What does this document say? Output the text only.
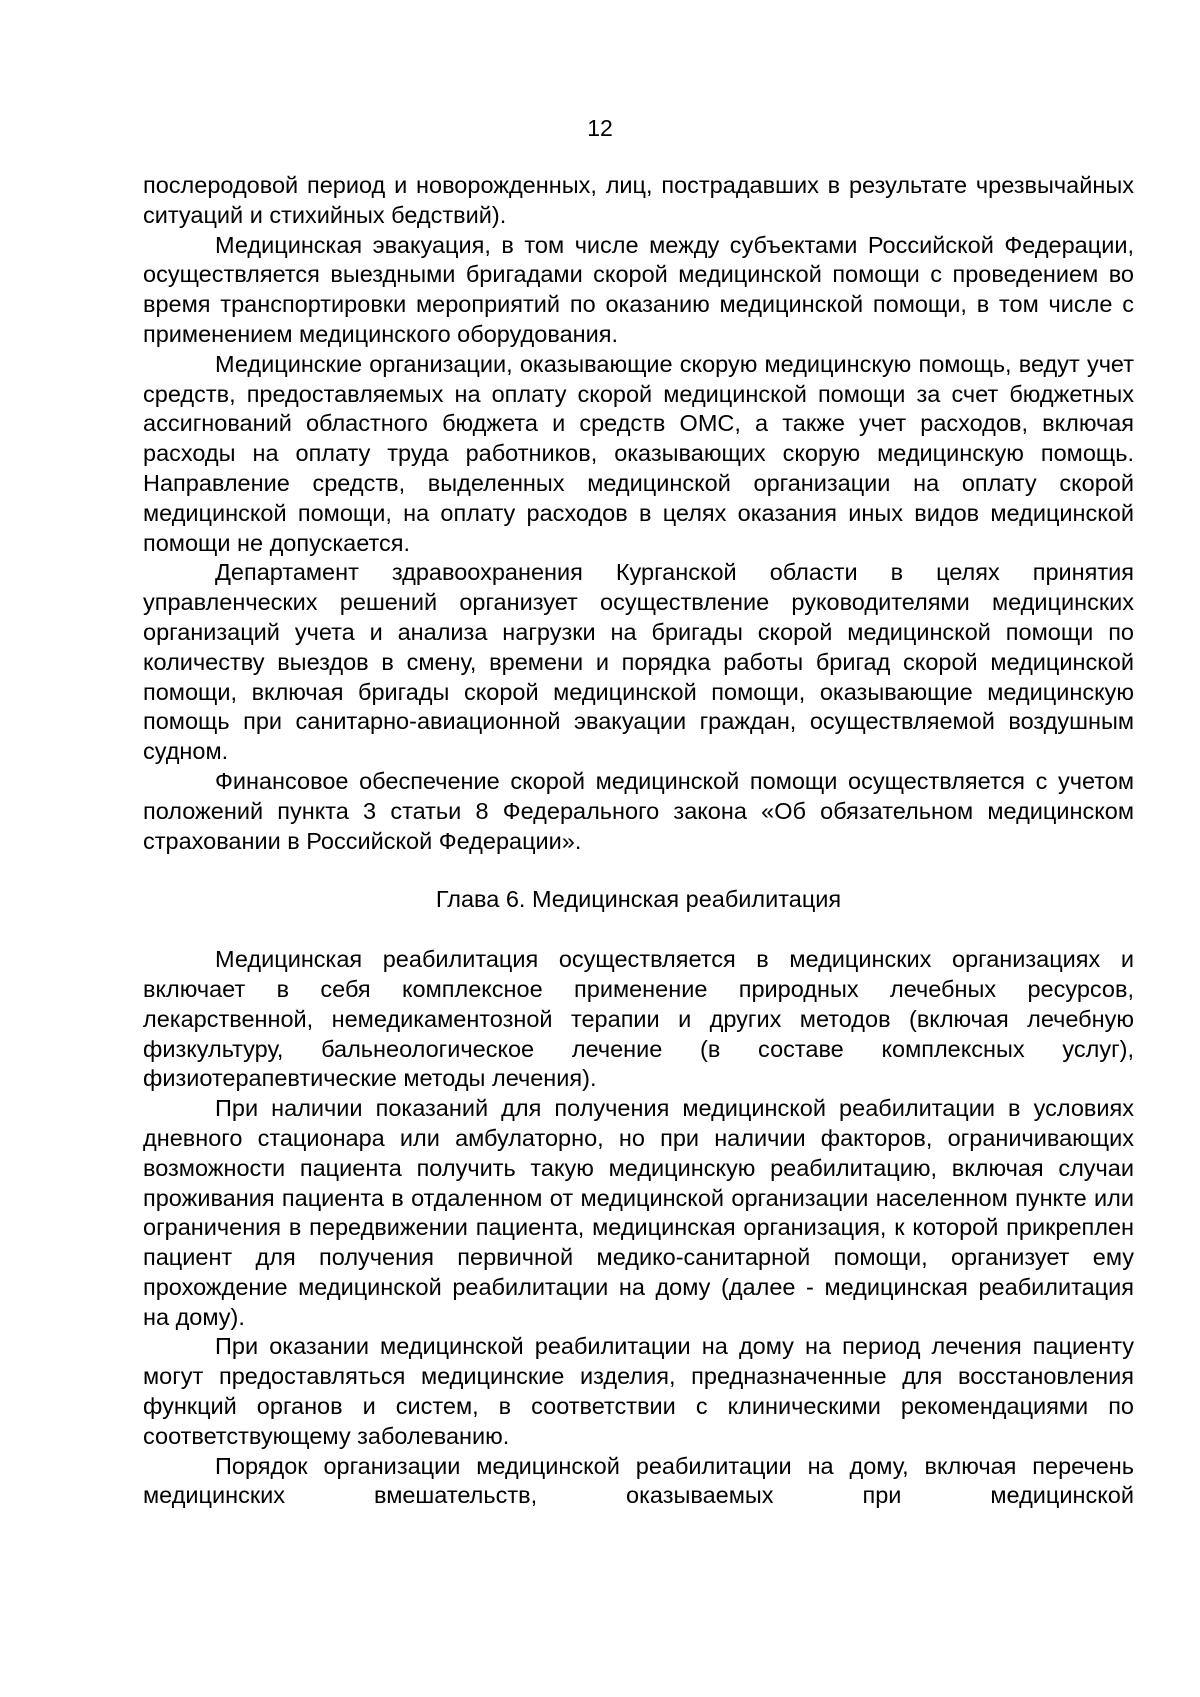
12

послеродовой период и новорожденных, лиц, пострадавших в результате чрезвычайных ситуаций и стихийных бедствий).

Медицинская эвакуация, в том числе между субъектами Российской Федерации, осуществляется выездными бригадами скорой медицинской помощи с проведением во время транспортировки мероприятий по оказанию медицинской помощи, в том числе с применением медицинского оборудования.

Медицинские организации, оказывающие скорую медицинскую помощь, ведут учет средств, предоставляемых на оплату скорой медицинской помощи за счет бюджетных ассигнований областного бюджета и средств ОМС, а также учет расходов, включая расходы на оплату труда работников, оказывающих скорую медицинскую помощь. Направление средств, выделенных медицинской организации на оплату скорой медицинской помощи, на оплату расходов в целях оказания иных видов медицинской помощи не допускается.

Департамент здравоохранения Курганской области в целях принятия управленческих решений организует осуществление руководителями медицинских организаций учета и анализа нагрузки на бригады скорой медицинской помощи по количеству выездов в смену, времени и порядка работы бригад скорой медицинской помощи, включая бригады скорой медицинской помощи, оказывающие медицинскую помощь при санитарно-авиационной эвакуации граждан, осуществляемой воздушным судном.

Финансовое обеспечение скорой медицинской помощи осуществляется с учетом положений пункта 3 статьи 8 Федерального закона «Об обязательном медицинском страховании в Российской Федерации».

Глава 6. Медицинская реабилитация

Медицинская реабилитация осуществляется в медицинских организациях и включает в себя комплексное применение природных лечебных ресурсов, лекарственной, немедикаментозной терапии и других методов (включая лечебную физкультуру, бальнеологическое лечение (в составе комплексных услуг), физиотерапевтические методы лечения).

При наличии показаний для получения медицинской реабилитации в условиях дневного стационара или амбулаторно, но при наличии факторов, ограничивающих возможности пациента получить такую медицинскую реабилитацию, включая случаи проживания пациента в отдаленном от медицинской организации населенном пункте или ограничения в передвижении пациента, медицинская организация, к которой прикреплен пациент для получения первичной медико-санитарной помощи, организует ему прохождение медицинской реабилитации на дому (далее - медицинская реабилитация на дому).

При оказании медицинской реабилитации на дому на период лечения пациенту могут предоставляться медицинские изделия, предназначенные для восстановления функций органов и систем, в соответствии с клиническими рекомендациями по соответствующему заболеванию.

Порядок организации медицинской реабилитации на дому, включая перечень медицинских вмешательств, оказываемых при медицинской
